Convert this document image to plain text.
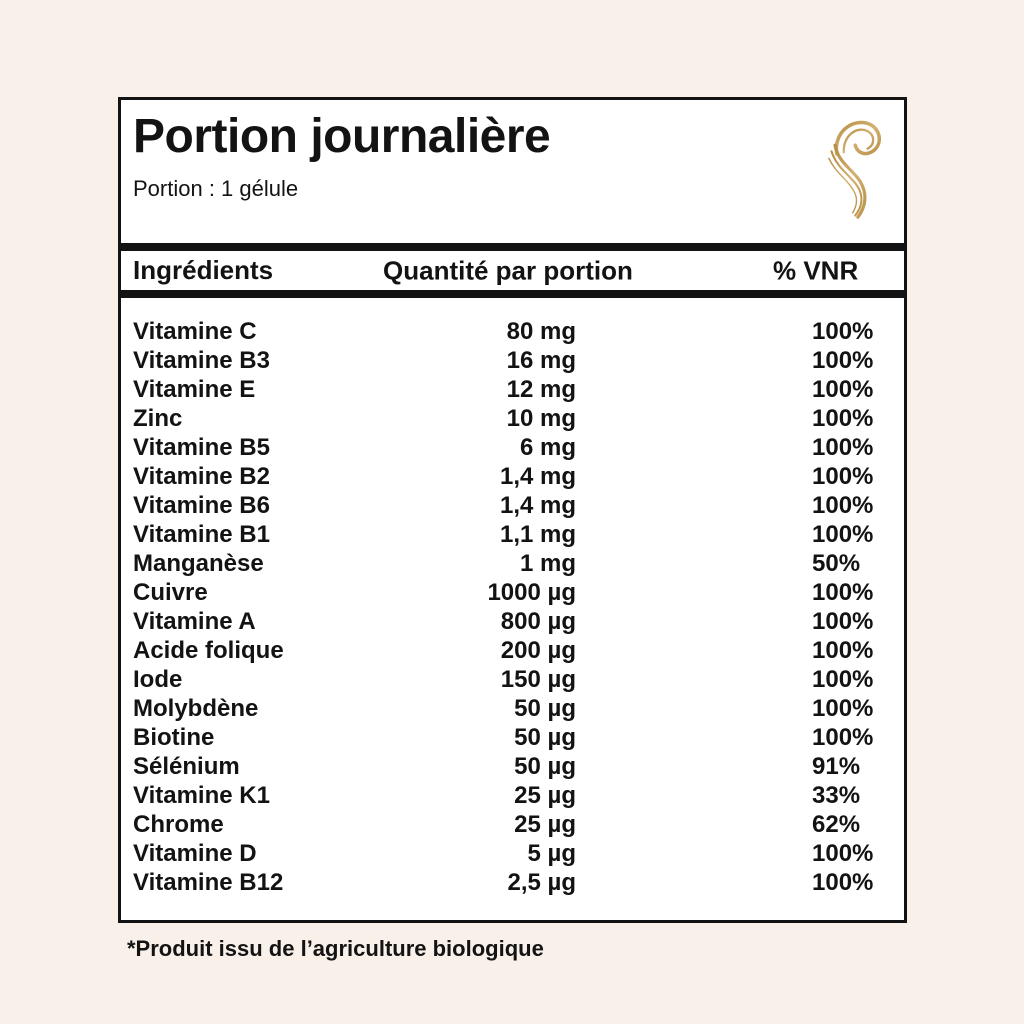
Portion journalière
Portion : 1 gélule
Ingrédients	Quantité par portion	% VNR
Vitamine C	80 mg	100%
Vitamine B3	16 mg	100%
Vitamine E	12 mg	100%
Zinc	10 mg	100%
Vitamine B5	6 mg	100%
Vitamine B2	1,4 mg	100%
Vitamine B6	1,4 mg	100%
Vitamine B1	1,1 mg	100%
Manganèse	1 mg	50%
Cuivre	1000 µg	100%
Vitamine A	800 µg	100%
Acide folique	200 µg	100%
Iode	150 µg	100%
Molybdène	50 µg	100%
Biotine	50 µg	100%
Sélénium	50 µg	91%
Vitamine K1	25 µg	33%
Chrome	25 µg	62%
Vitamine D	5 µg	100%
Vitamine B12	2,5 µg	100%
*Produit issu de l’agriculture biologique
